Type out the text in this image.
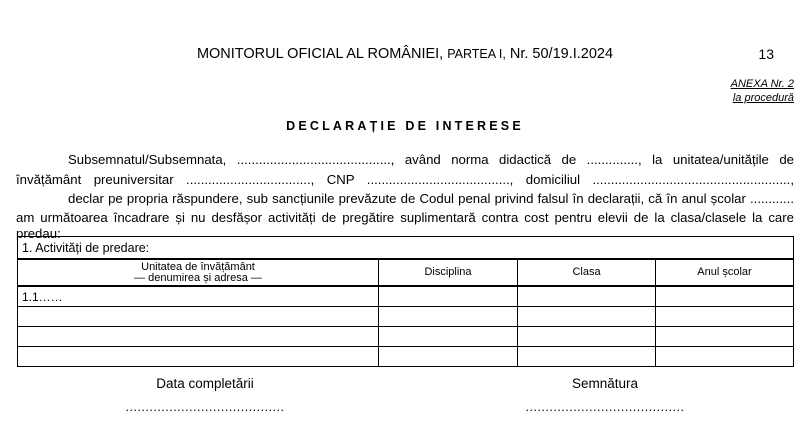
MONITORUL OFICIAL AL ROMÂNIEI, PARTEA I, Nr. 50/19.I.2024	13
ANEXA Nr. 2
la procedură
DECLARAȚIE DE INTERESE
Subsemnatul/Subsemnata, .........................................., având norma didactică de .............., la unitatea/unitățile de
învățământ preuniversitar .................................., CNP ......................................., domiciliul ......................................................,
declar pe propria răspundere, sub sancțiunile prevăzute de Codul penal privind falsul în declarații, că în anul școlar ............
am următoarea încadrare și nu desfășor activități de pregătire suplimentară contra cost pentru elevii de la clasa/clasele la care predau:
1. Activități de predare:			

Unitatea de învățământ
— denumirea și adresa —	Disciplina	Clasa	Anul școlar
1.1……			

Data completării
........................................
Semnătura
........................................
